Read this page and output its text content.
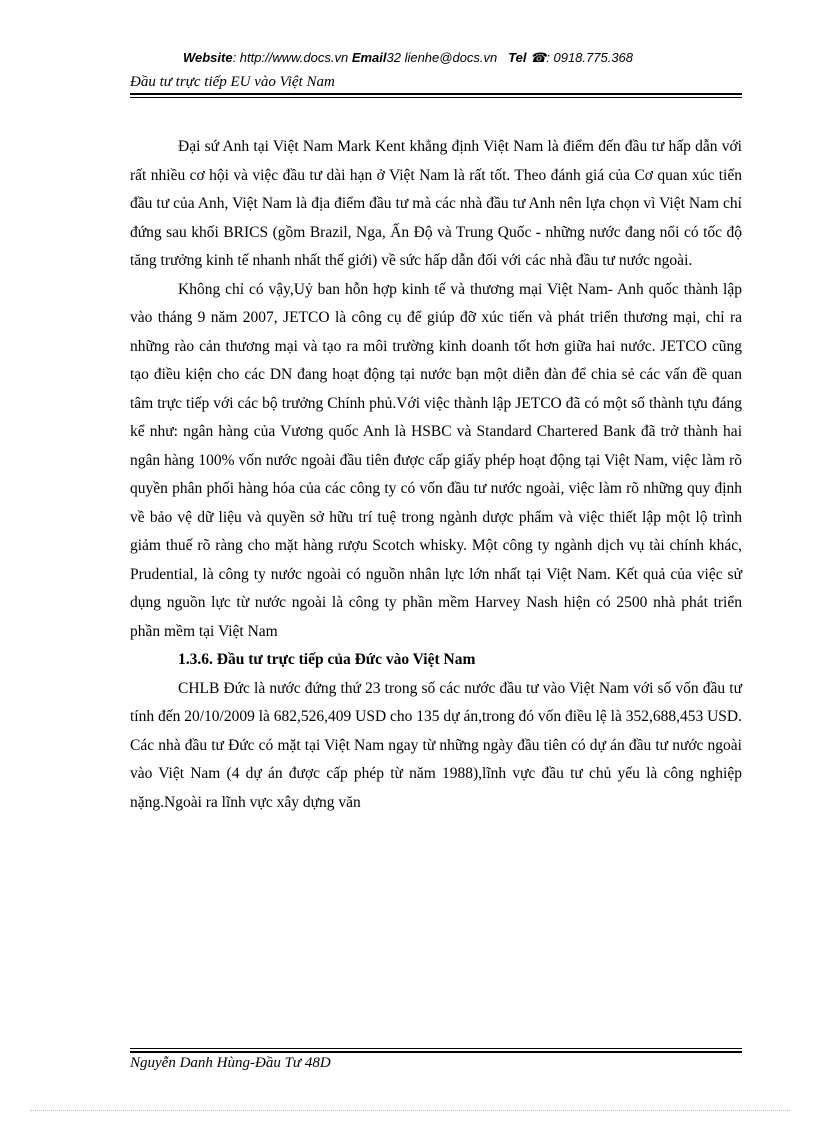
Website: http://www.docs.vn Email32 lienhe@docs.vn Tel ☎: 0918.775.368
Đầu tư trực tiếp EU vào Việt Nam

Đại sứ Anh tại Việt Nam Mark Kent khẳng định Việt Nam là điểm đến đầu tư hấp dẫn với rất nhiều cơ hội và việc đầu tư dài hạn ở Việt Nam là rất tốt. Theo đánh giá của Cơ quan xúc tiến đầu tư của Anh, Việt Nam là địa điểm đầu tư mà các nhà đầu tư Anh nên lựa chọn vì Việt Nam chỉ đứng sau khối BRICS (gồm Brazil, Nga, Ấn Độ và Trung Quốc - những nước đang nổi có tốc độ tăng trưởng kinh tế nhanh nhất thế giới) về sức hấp dẫn đối với các nhà đầu tư nước ngoài.

Không chỉ có vậy,Uỷ ban hỗn hợp kinh tế và thương mại Việt Nam- Anh quốc thành lập vào tháng 9 năm 2007, JETCO là công cụ để giúp đỡ xúc tiến và phát triển thương mại, chỉ ra những rào cản thương mại và tạo ra môi trường kinh doanh tốt hơn giữa hai nước. JETCO cũng tạo điều kiện cho các DN đang hoạt động tại nước bạn một diễn đàn để chia sẻ các vấn đề quan tâm trực tiếp với các bộ trưởng Chính phủ.Với việc thành lập JETCO đã có một số thành tựu đáng kể như: ngân hàng của Vương quốc Anh là HSBC và Standard Chartered Bank đã trở thành hai ngân hàng 100% vốn nước ngoài đầu tiên được cấp giấy phép hoạt động tại Việt Nam, việc làm rõ quyền phân phối hàng hóa của các công ty có vốn đầu tư nước ngoài, việc làm rõ những quy định về bảo vệ dữ liệu và quyền sở hữu trí tuệ trong ngành dược phẩm và việc thiết lập một lộ trình giảm thuế rõ ràng cho mặt hàng rượu Scotch whisky. Một công ty ngành dịch vụ tài chính khác, Prudential, là công ty nước ngoài có nguồn nhân lực lớn nhất tại Việt Nam. Kết quả của việc sử dụng nguồn lực từ nước ngoài là công ty phần mềm Harvey Nash hiện có 2500 nhà phát triển phần mềm tại Việt Nam

1.3.6. Đầu tư trực tiếp của Đức vào Việt Nam

CHLB Đức là nước đứng thứ 23 trong số các nước đầu tư vào Việt Nam với số vốn đầu tư tính đến 20/10/2009 là 682,526,409 USD cho 135 dự án,trong đó vốn điều lệ là 352,688,453 USD. Các nhà đầu tư Đức có mặt tại Việt Nam ngay từ những ngày đầu tiên có dự án đầu tư nước ngoài vào Việt Nam (4 dự án được cấp phép từ năm 1988),lĩnh vực đầu tư chủ yếu là công nghiệp nặng.Ngoài ra lĩnh vực xây dựng văn

Nguyễn Danh Hùng-Đầu Tư 48D
